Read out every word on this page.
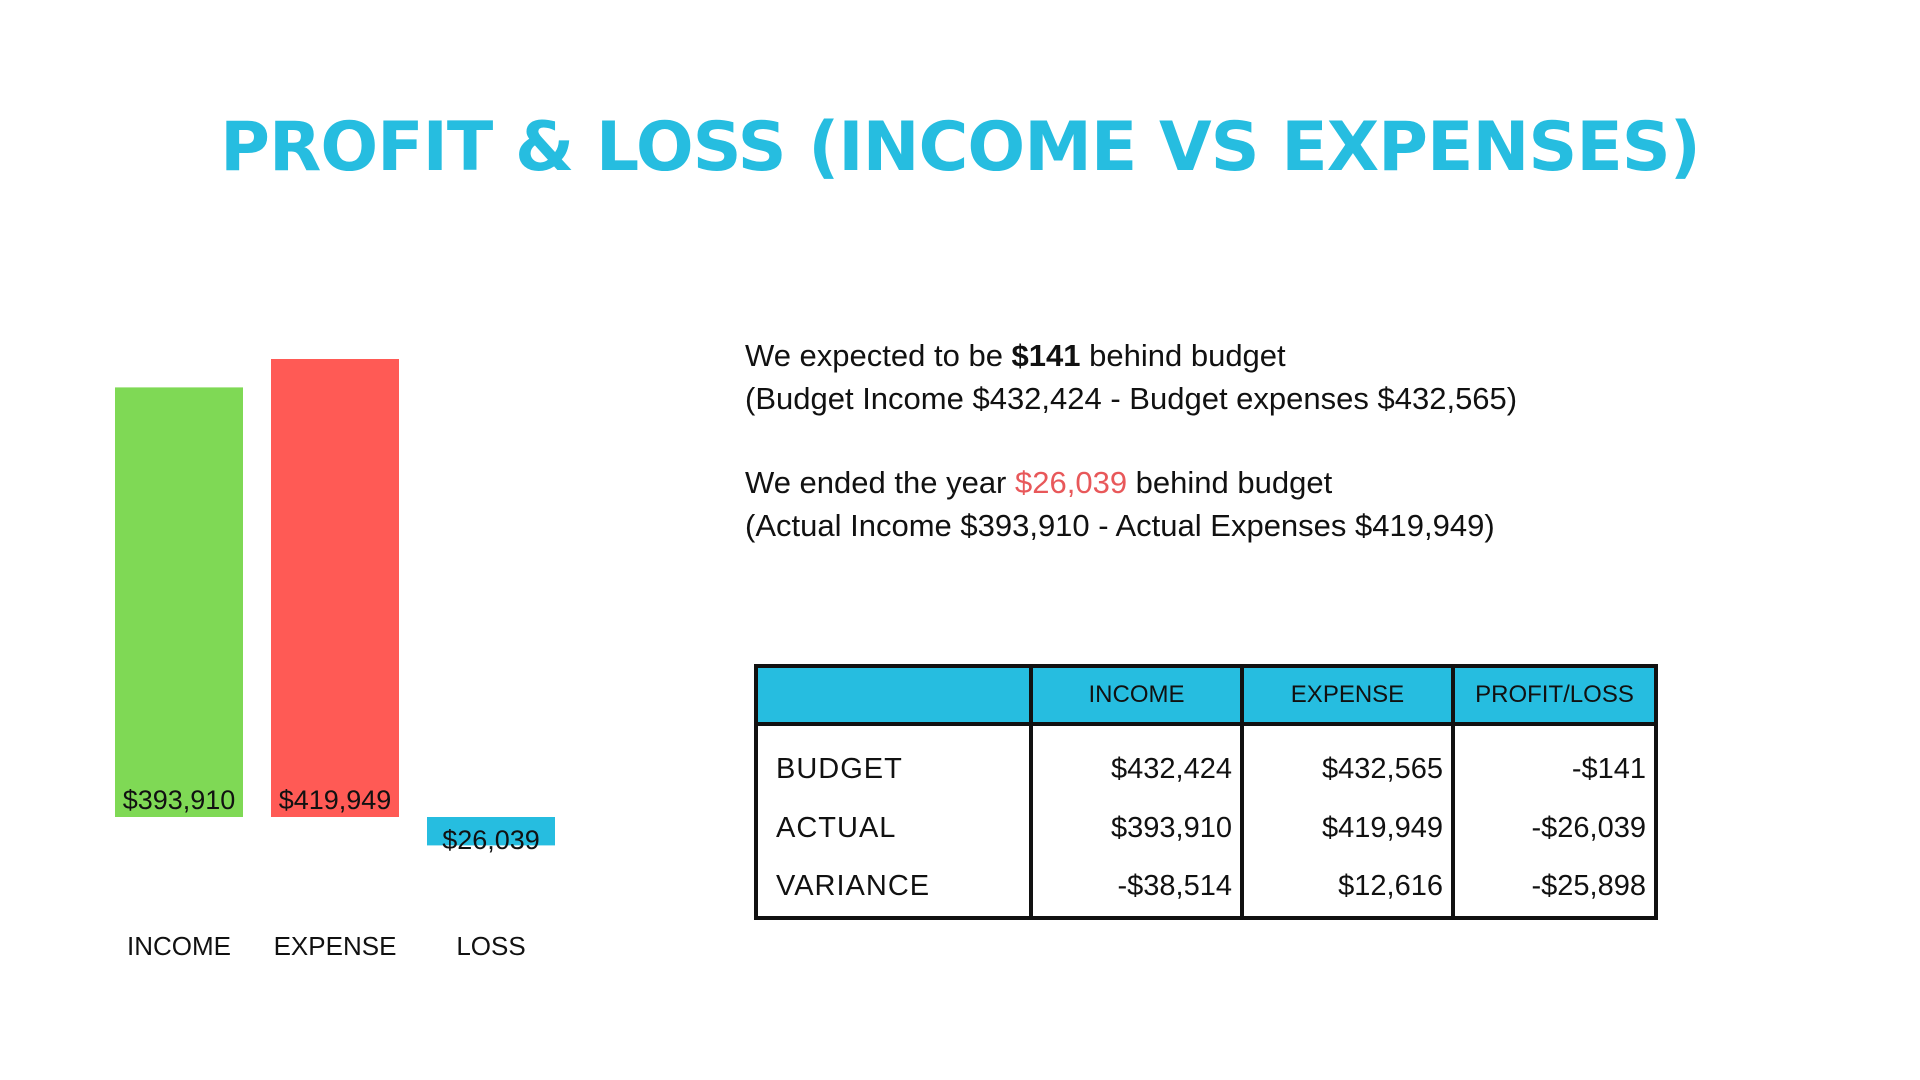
PROFIT & LOSS (INCOME VS EXPENSES)
$393,910 $419,949
$26,039
INCOME EXPENSE LOSS

We expected to be $141 behind budget
(Budget Income $432,424 - Budget expenses $432,565)

We ended the year $26,039 behind budget
(Actual Income $393,910 - Actual Expenses $419,949)

	INCOME	EXPENSE	PROFIT/LOSS
BUDGET	$432,424	$432,565	-$141
ACTUAL	$393,910	$419,949	-$26,039
VARIANCE	-$38,514	$12,616	-$25,898
